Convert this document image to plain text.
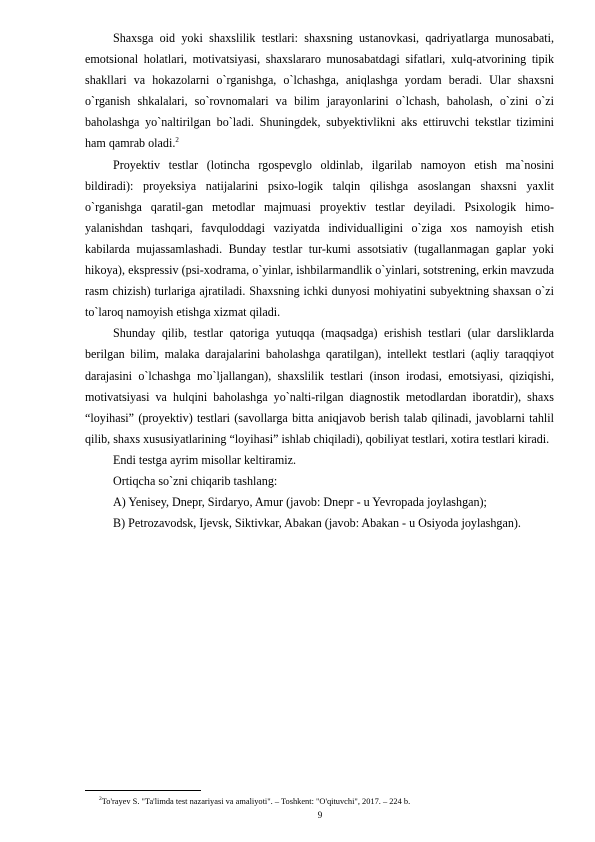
Shaxsga oid yoki shaxslilik testlari: shaxsning ustanovkasi, qadriyatlarga munosabati, emotsional holatlari, motivatsiyasi, shaxslararo munosabatdagi sifatlari, xulq-atvorining tipik shakllari va hokazolarni o`rganishga, o`lchashga, aniqlashga yordam beradi. Ular shaxsni o`rganish shkalalari, so`rovnomalari va bilim jarayonlarini o`lchash, baholash, o`zini o`zi baholashga yo`naltirilgan bo`ladi. Shuningdek, subyektivlikni aks ettiruvchi tekstlar tizimini ham qamrab oladi.$^2$

Proyektiv testlar (lotincha rgospevglo oldinlab, ilgarilab namoyon etish ma`nosini bildiradi): proyeksiya natijalarini psixo-logik talqin qilishga asoslangan shaxsni yaxlit o`rganishga qaratil-gan metodlar majmuasi proyektiv testlar deyiladi. Psixologik himo-yalanishdan tashqari, favquloddagi vaziyatda individualligini o`ziga xos namoyish etish kabilarda mujassamlashadi. Bunday testlar tur-kumi assotsiativ (tugallanmagan gaplar yoki hikoya), ekspressiv (psi-xodrama, o`yinlar, ishbilarmandlik o`yinlari, sotstrening, erkin mavzuda rasm chizish) turlariga ajratiladi. Shaxsning ichki dunyosi mohiyatini subyektning shaxsan o`zi to`laroq namoyish etishga xizmat qiladi.

Shunday qilib, testlar qatoriga yutuqqa (maqsadga) erishish testlari (ular darsliklarda berilgan bilim, malaka darajalarini baholashga qaratilgan), intellekt testlari (aqliy taraqqiyot darajasini o`lchashga mo`ljallangan), shaxslilik testlari (inson irodasi, emotsiyasi, qiziqishi, motivatsiyasi va hulqini baholashga yo`nalti-rilgan diagnostik metodlardan iboratdir), shaxs “loyihasi” (proyektiv) testlari (savollarga bitta aniqjavob berish talab qilinadi, javoblarni tahlil qilib, shaxs xususiyatlarining “loyihasi” ishlab chiqiladi), qobiliyat testlari, xotira testlari kiradi.

Endi testga ayrim misollar keltiramiz.

Ortiqcha so`zni chiqarib tashlang:

A) Yenisey, Dnepr, Sirdaryo, Amur (javob: Dnepr - u Yevropada joylashgan);

B) Petrozavodsk, Ijevsk, Siktivkar, Abakan (javob: Abakan - u Osiyoda joylashgan).

$^2$To'rayev S. "Ta'limda test nazariyasi va amaliyoti". – Toshkent: "O'qituvchi", 2017. – 224 b.
9
